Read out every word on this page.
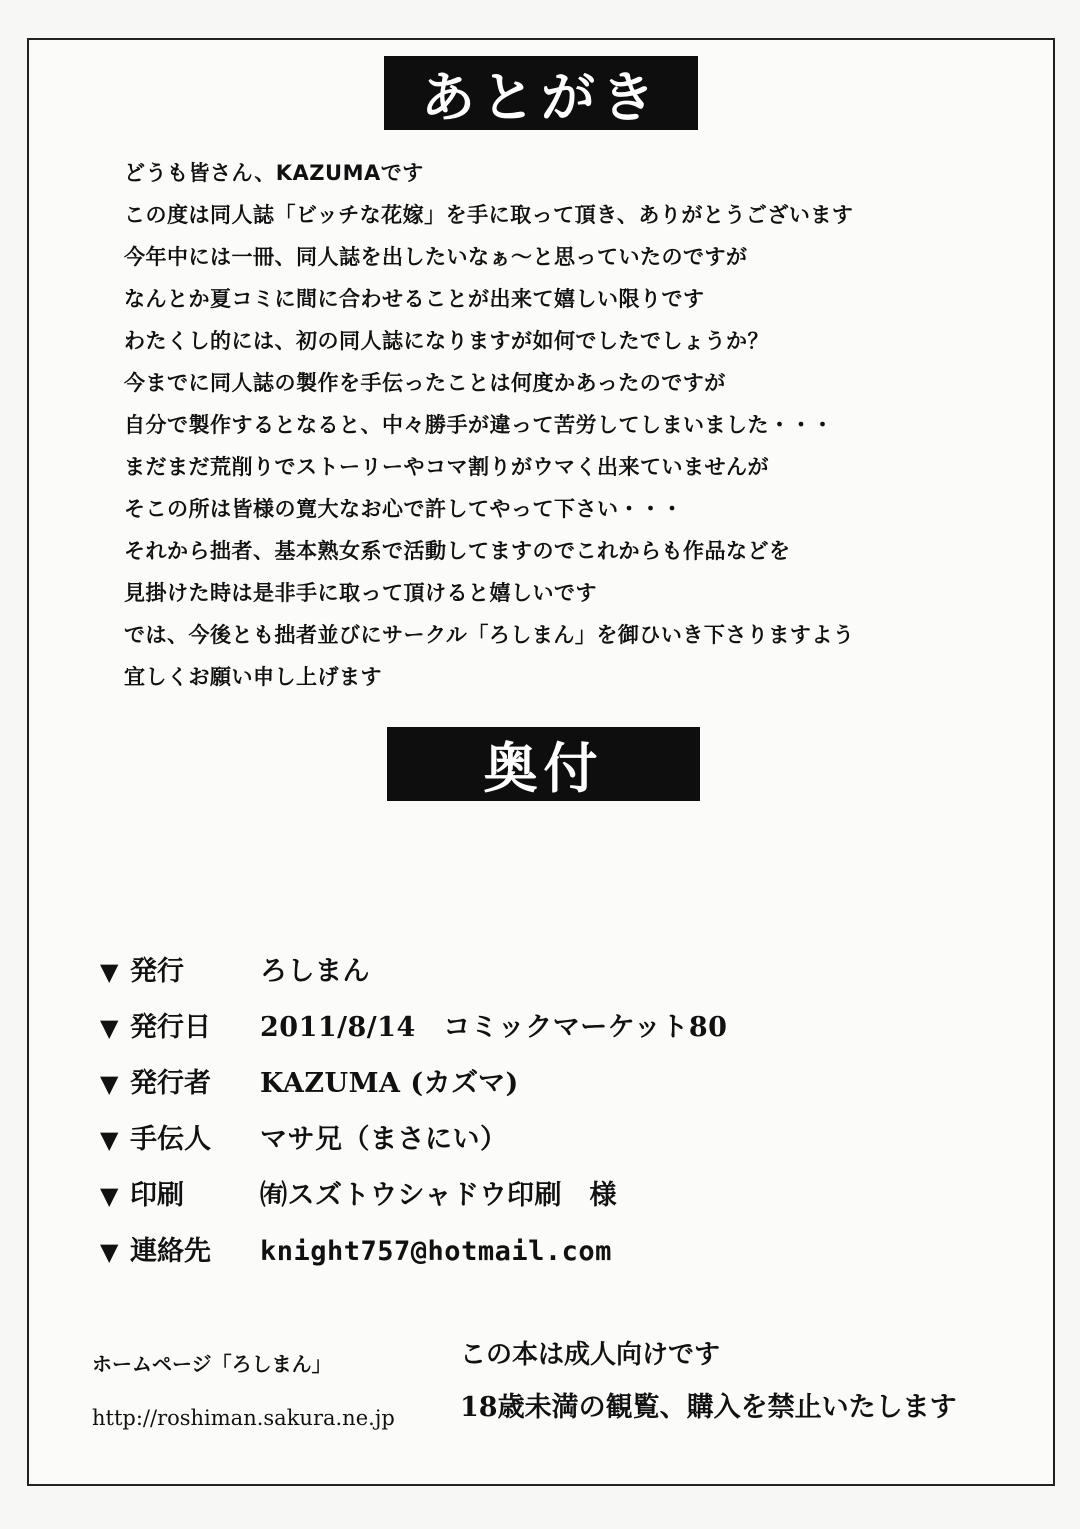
あとがき
どうも皆さん、KAZUMAです
この度は同人誌「ビッチな花嫁」を手に取って頂き、ありがとうございます
今年中には一冊、同人誌を出したいなぁ～と思っていたのですが
なんとか夏コミに間に合わせることが出来て嬉しい限りです
わたくし的には、初の同人誌になりますが如何でしたでしょうか？
今までに同人誌の製作を手伝ったことは何度かあったのですが
自分で製作するとなると、中々勝手が違って苦労してしまいました・・・
まだまだ荒削りでストーリーやコマ割りがウマく出来ていませんが
そこの所は皆様の寛大なお心で許してやって下さい・・・
それから拙者、基本熟女系で活動してますのでこれからも作品などを
見掛けた時は是非手に取って頂けると嬉しいです
では、今後とも拙者並びにサークル「ろしまん」を御ひいき下さりますよう
宜しくお願い申し上げます
奥付
▼ 発行	ろしまん
▼ 発行日	2011/8/14　コミックマーケット80
▼ 発行者	KAZUMA (カズマ)
▼ 手伝人	マサ兄（まさにい）
▼ 印刷	㈲スズトウシャドウ印刷　様
▼ 連絡先	knight757@hotmail.com
ホームページ「ろしまん」
http://roshiman.sakura.ne.jp
この本は成人向けです
18歳未満の観覧、購入を禁止いたします
